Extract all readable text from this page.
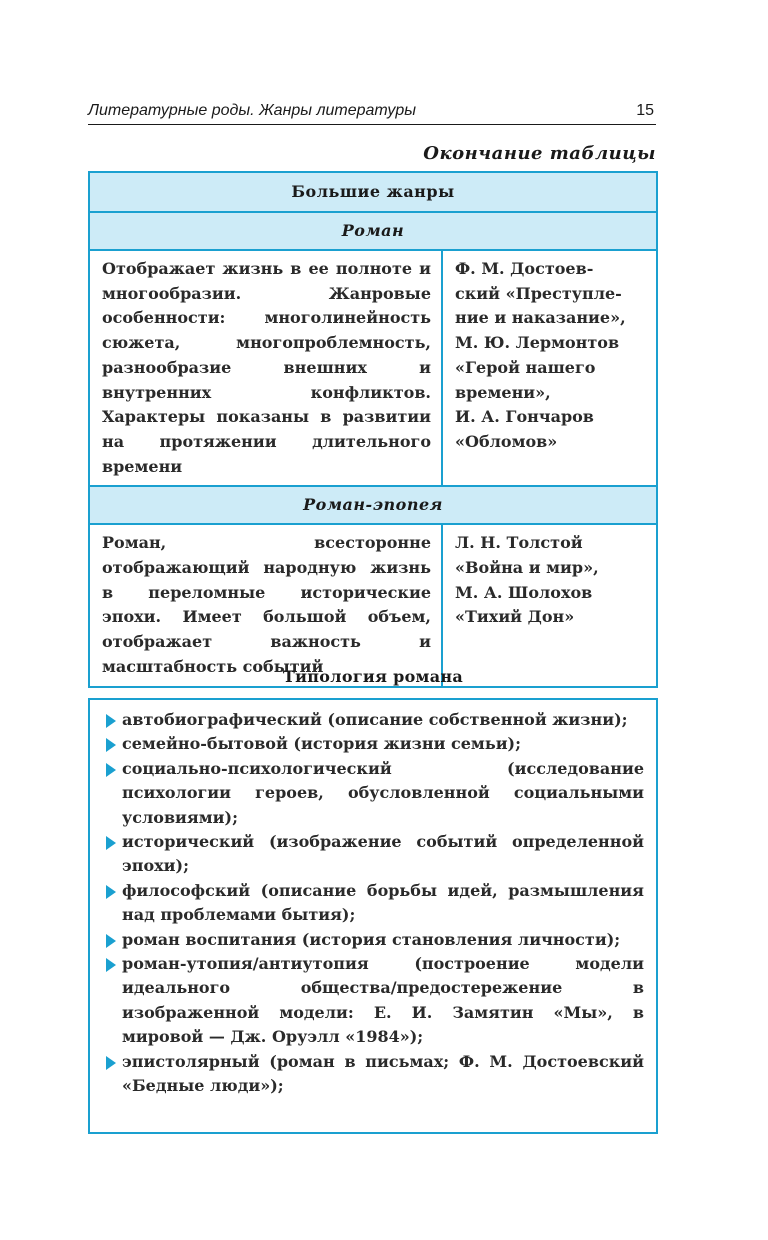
Литературные роды. Жанры литературы	15
Окончание таблицы
Большие жанры
Роман
Отображает жизнь в ее полноте и многообразии. Жанровые особенности: многолинейность сюжета, многопроблемность, разнообразие внешних и внутренних конфликтов. Характеры показаны в развитии на протяжении длительного времени
Ф. М. Достоев-
ский «Преступле-
ние и наказание»,
М. Ю. Лермонтов
«Герой нашего
времени»,
И. А. Гончаров
«Обломов»
Роман-эпопея
Роман, всесторонне отображающий народную жизнь в переломные исторические эпохи. Имеет большой объем, отображает важность и масштабность событий
Л. Н. Толстой
«Война и мир»,
М. А. Шолохов
«Тихий Дон»
Типология романа
автобиографический (описание собственной жизни);
семейно-бытовой (история жизни семьи);
социально-психологический (исследование психологии героев, обусловленной социальными условиями);
исторический (изображение событий определенной эпохи);
философский (описание борьбы идей, размышления над проблемами бытия);
роман воспитания (история становления личности);
роман-утопия/антиутопия (построение модели идеального общества/предостережение в изображенной модели: Е. И. Замятин «Мы», в мировой — Дж. Оруэлл «1984»);
эпистолярный (роман в письмах; Ф. М. Достоевский «Бедные люди»);
